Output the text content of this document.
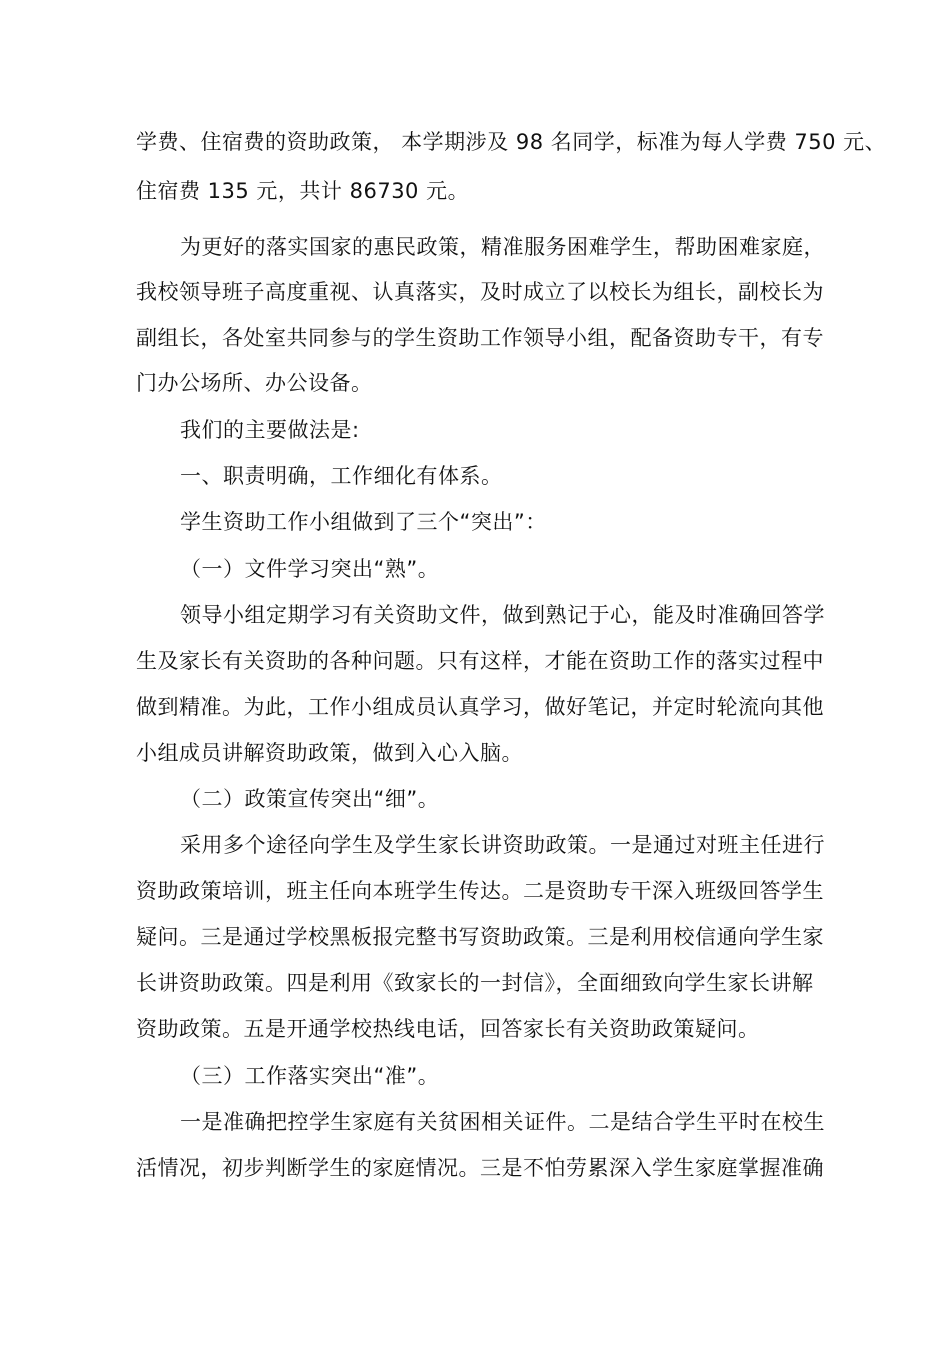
学费、住宿费的资助政策， 本学期涉及 98 名同学，标准为每人学费 750 元、
住宿费 135 元，共计 86730 元。
为更好的落实国家的惠民政策，精准服务困难学生，帮助困难家庭，
我校领导班子高度重视、认真落实，及时成立了以校长为组长，副校长为
副组长，各处室共同参与的学生资助工作领导小组，配备资助专干，有专
门办公场所、办公设备。
我们的主要做法是:
一、职责明确，工作细化有体系。
学生资助工作小组做到了三个“突出”：
（一）文件学习突出“熟”。
领导小组定期学习有关资助文件，做到熟记于心，能及时准确回答学
生及家长有关资助的各种问题。只有这样，才能在资助工作的落实过程中
做到精准。为此，工作小组成员认真学习，做好笔记，并定时轮流向其他
小组成员讲解资助政策，做到入心入脑。
（二）政策宣传突出“细”。
采用多个途径向学生及学生家长讲资助政策。一是通过对班主任进行
资助政策培训，班主任向本班学生传达。二是资助专干深入班级回答学生
疑问。三是通过学校黑板报完整书写资助政策。三是利用校信通向学生家
长讲资助政策。四是利用《致家长的一封信》，全面细致向学生家长讲解
资助政策。五是开通学校热线电话，回答家长有关资助政策疑问。
（三）工作落实突出“准”。
一是准确把控学生家庭有关贫困相关证件。二是结合学生平时在校生
活情况，初步判断学生的家庭情况。三是不怕劳累深入学生家庭掌握准确
